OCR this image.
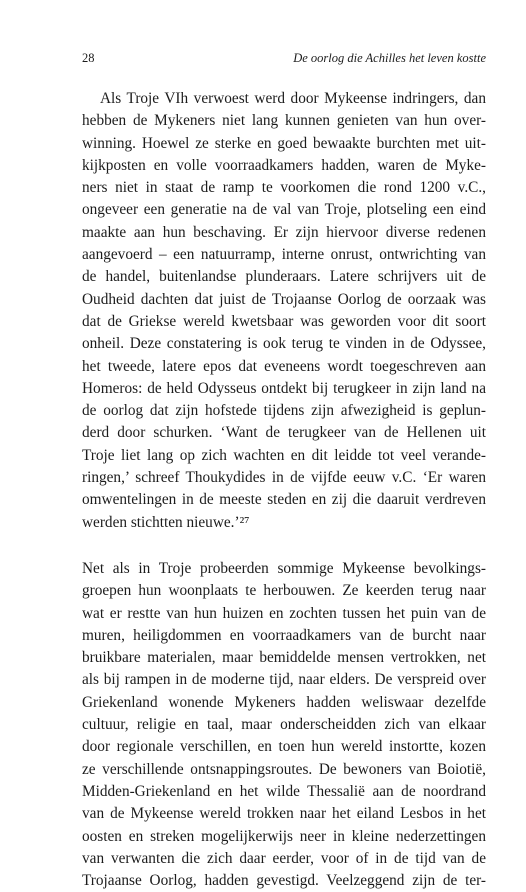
28	De oorlog die Achilles het leven kostte
Als Troje VIh verwoest werd door Mykeense indringers, dan
hebben de Mykeners niet lang kunnen genieten van hun over-
winning. Hoewel ze sterke en goed bewaakte burchten met uit-
kijkposten en volle voorraadkamers hadden, waren de Myke-
ners niet in staat de ramp te voorkomen die rond 1200 v.C.,
ongeveer een generatie na de val van Troje, plotseling een eind
maakte aan hun beschaving. Er zijn hiervoor diverse redenen
aangevoerd – een natuurramp, interne onrust, ontwrichting van
de handel, buitenlandse plunderaars. Latere schrijvers uit de
Oudheid dachten dat juist de Trojaanse Oorlog de oorzaak was
dat de Griekse wereld kwetsbaar was geworden voor dit soort
onheil. Deze constatering is ook terug te vinden in de Odyssee,
het tweede, latere epos dat eveneens wordt toegeschreven aan
Homeros: de held Odysseus ontdekt bij terugkeer in zijn land na
de oorlog dat zijn hofstede tijdens zijn afwezigheid is geplun-
derd door schurken. ‘Want de terugkeer van de Hellenen uit
Troje liet lang op zich wachten en dit leidde tot veel verande-
ringen,’ schreef Thoukydides in de vijfde eeuw v.C. ‘Er waren
omwentelingen in de meeste steden en zij die daaruit verdreven
werden stichtten nieuwe.’²⁷
Net als in Troje probeerden sommige Mykeense bevolkings-
groepen hun woonplaats te herbouwen. Ze keerden terug naar
wat er restte van hun huizen en zochten tussen het puin van de
muren, heiligdommen en voorraadkamers van de burcht naar
bruikbare materialen, maar bemiddelde mensen vertrokken, net
als bij rampen in de moderne tijd, naar elders. De verspreid over
Griekenland wonende Mykeners hadden weliswaar dezelfde
cultuur, religie en taal, maar onderscheidden zich van elkaar
door regionale verschillen, en toen hun wereld instortte, kozen
ze verschillende ontsnappingsroutes. De bewoners van Boiotië,
Midden-Griekenland en het wilde Thessalië aan de noordrand
van de Mykeense wereld trokken naar het eiland Lesbos in het
oosten en streken mogelijkerwijs neer in kleine nederzettingen
van verwanten die zich daar eerder, voor of in de tijd van de
Trojaanse Oorlog, hadden gevestigd. Veelzeggend zijn de ter-
